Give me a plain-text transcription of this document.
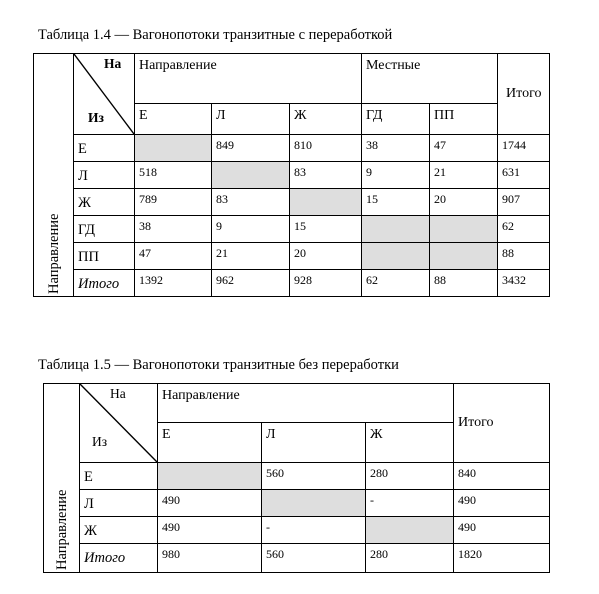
Таблица 1.4 — Вагонопотоки транзитные с переработкой
Направление	На
Из	Направление			Местные		Итого
		Е	Л	Ж	ГД	ПП	
	Е		849	810	38	47	1744
	Л	518		83	9	21	631
	Ж	789	83		15	20	907
	ГД	38	9	15			62
	ПП	47	21	20			88
	Итого	1392	962	928	62	88	3432
Таблица 1.5 — Вагонопотоки транзитные без переработки
Направление	На
Из	Направление			Итого
		Е	Л	Ж	
	Е		560	280	840
	Л	490		-	490
	Ж	490	-		490
	Итого	980	560	280	1820
